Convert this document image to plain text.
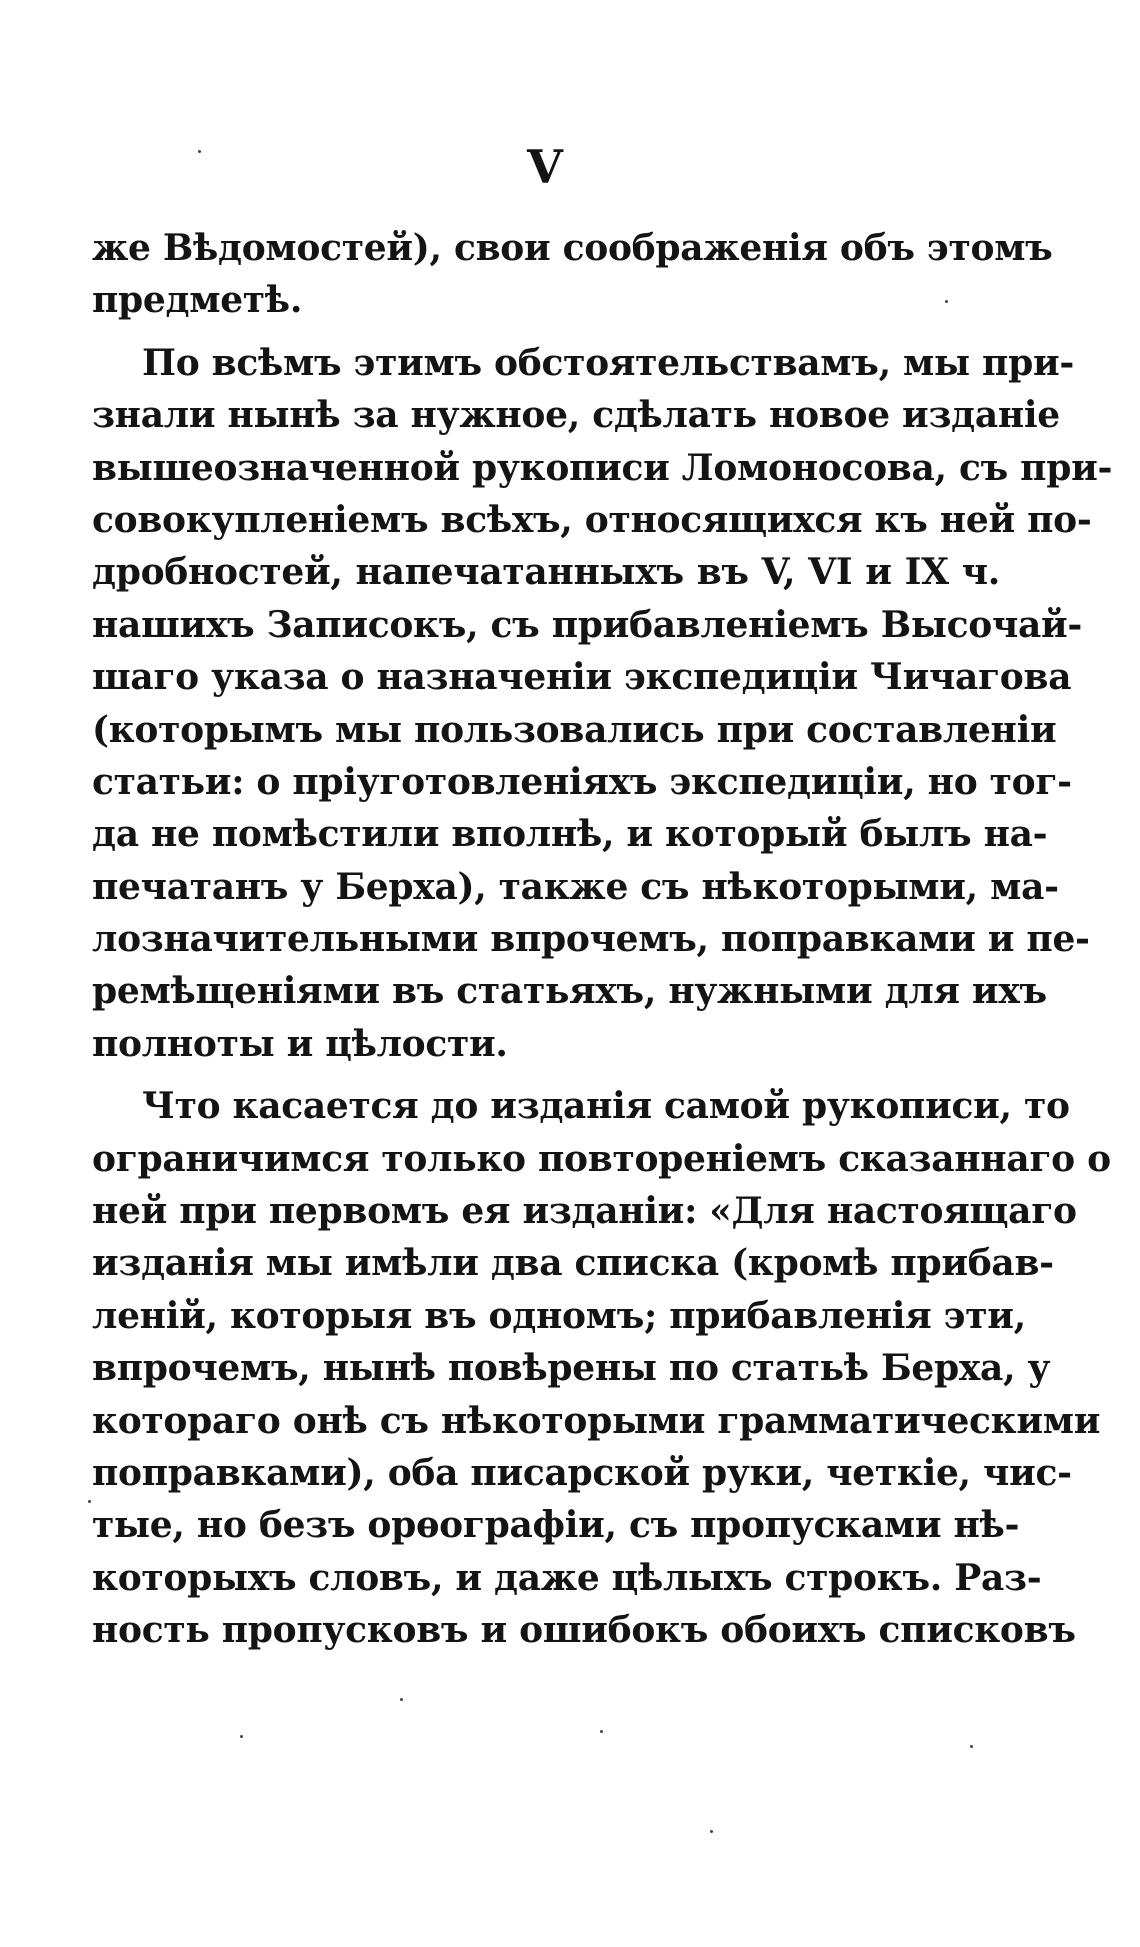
V
же Вѣдомостей), свои соображенія объ этомъ
предметѣ.
По всѣмъ этимъ обстоятельствамъ, мы при-
знали нынѣ за нужное, сдѣлать новое изданіе
вышеозначенной рукописи Ломоносова, съ при-
совокупленіемъ всѣхъ, относящихся къ ней по-
дробностей, напечатанныхъ въ V, VI и IX ч.
нашихъ Записокъ, съ прибавленіемъ Высочай-
шаго указа о назначеніи экспедиціи Чичагова
(которымъ мы пользовались при составленіи
статьи: о пріуготовленіяхъ экспедиціи, но тог-
да не помѣстили вполнѣ, и который былъ на-
печатанъ у Берха), также съ нѣкоторыми, ма-
лозначительными впрочемъ, поправками и пе-
ремѣщеніями въ статьяхъ, нужными для ихъ
полноты и цѣлости.
Что касается до изданія самой рукописи, то
ограничимся только повтореніемъ сказаннаго о
ней при первомъ ея изданіи: «Для настоящаго
изданія мы имѣли два списка (кромѣ прибав-
леній, которыя въ одномъ; прибавленія эти,
впрочемъ, нынѣ повѣрены по статьѣ Берха, у
котораго онѣ съ нѣкоторыми грамматическими
поправками), оба писарской руки, четкіе, чис-
тые, но безъ орѳографіи, съ пропусками нѣ-
которыхъ словъ, и даже цѣлыхъ строкъ. Раз-
ность пропусковъ и ошибокъ обоихъ списковъ
